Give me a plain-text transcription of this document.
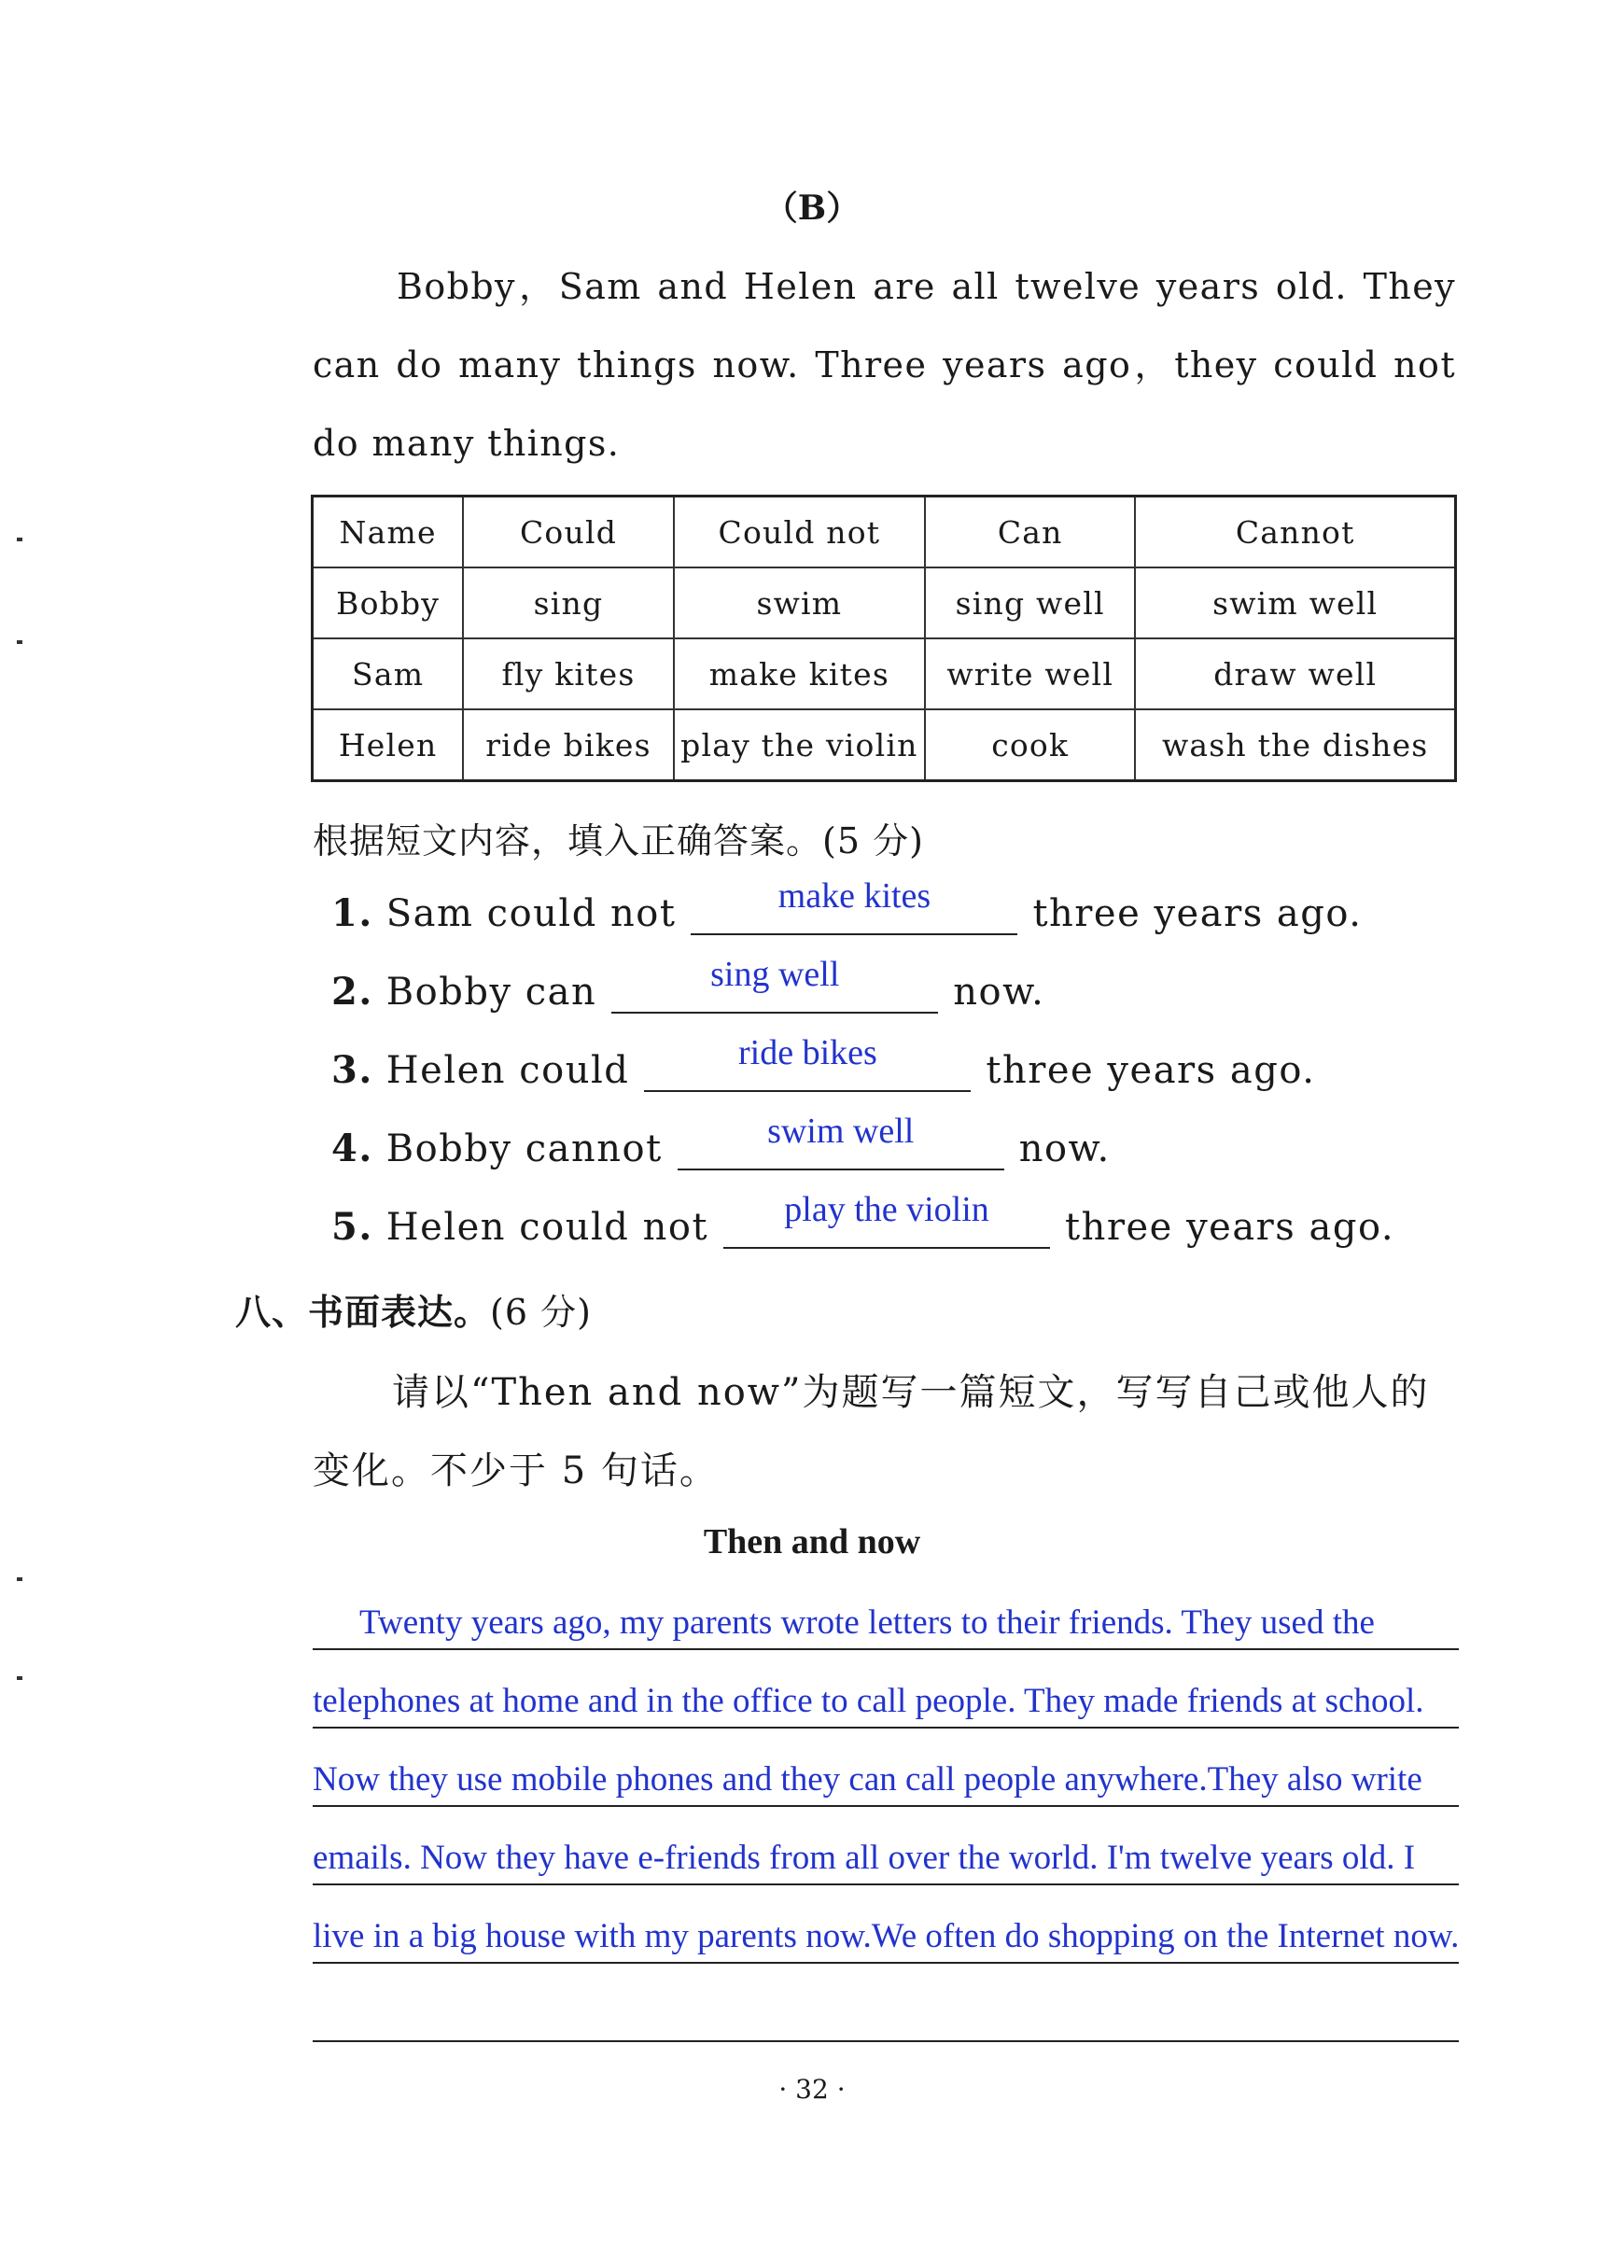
（B）
Bobby，Sam and Helen are all twelve years old. They can do many things now. Three years ago，they could not do many things.
Name	Could	Could not	Can	Cannot
Bobby	sing	swim	sing well	swim well
Sam	fly kites	make kites	write well	draw well
Helen	ride bikes	play the violin	cook	wash the dishes
根据短文内容，填入正确答案。(5 分)
1. Sam could not	make kites	three years ago.
2. Bobby can	sing well	now.
3. Helen could	ride bikes	three years ago.
4. Bobby cannot	swim well	now.
5. Helen could not	play the violin	three years ago.
八、书面表达。(6 分)
请以“Then and now”为题写一篇短文，写写自己或他人的变化。不少于 5 句话。
Then and now
Twenty years ago, my parents wrote letters to their friends. They used the
telephones at home and in the office to call people. They made friends at school.
Now they use mobile phones and they can call people anywhere.They also write
emails. Now they have e-friends from all over the world. I'm twelve years old. I
live in a big house with my parents now.We often do shopping on the Internet now.
· 32 ·
